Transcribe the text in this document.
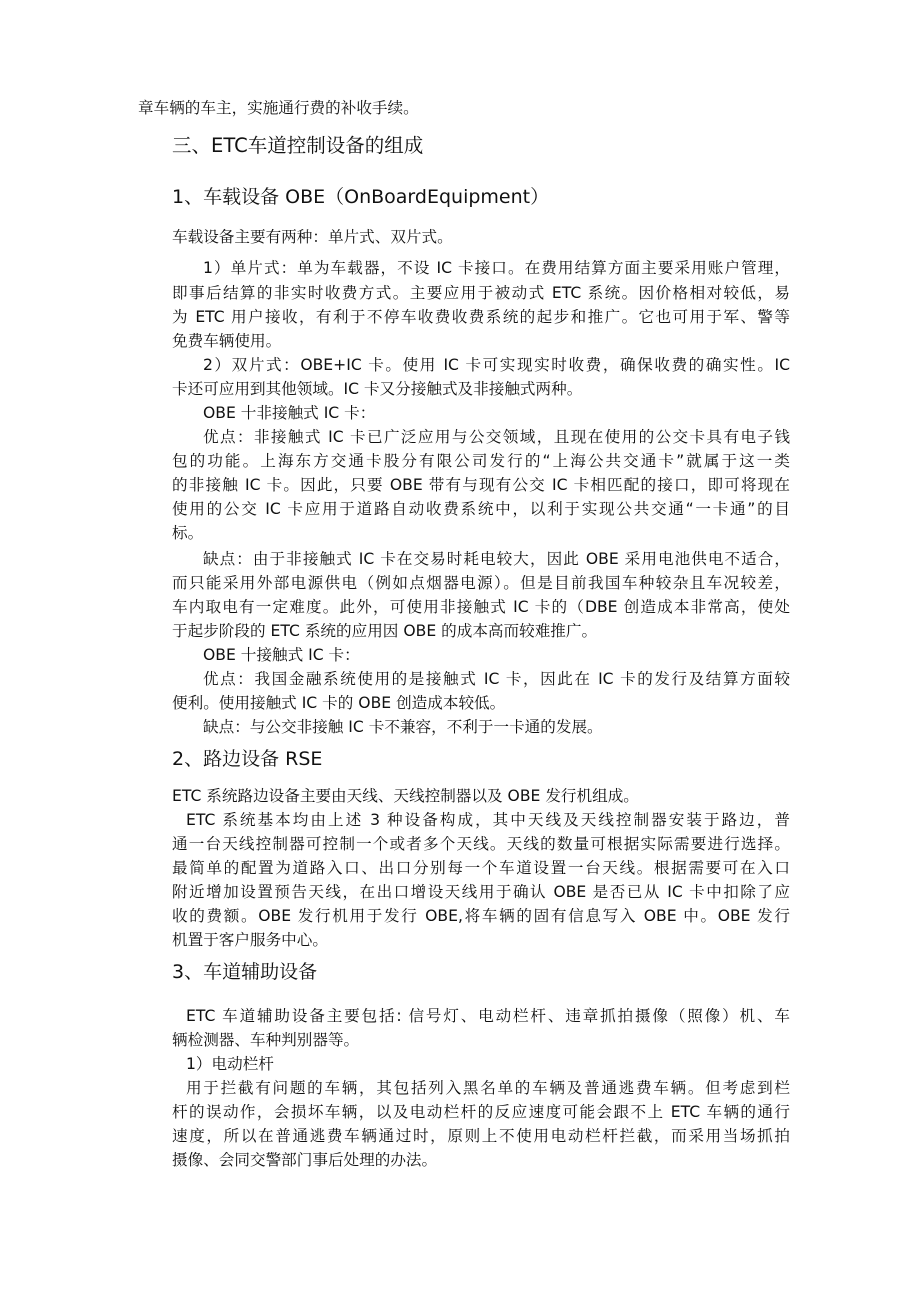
章车辆的车主，实施通行费的补收手续。
三、ETC车道控制设备的组成
1、车载设备 OBE（OnBoardEquipment）
车载设备主要有两种：单片式、双片式。
1）单片式：单为车载器，不设 IC 卡接口。在费用结算方面主要采用账户管理，
即事后结算的非实时收费方式。主要应用于被动式 ETC 系统。因价格相对较低，易
为 ETC 用户接收，有利于不停车收费收费系统的起步和推广。它也可用于军、警等
免费车辆使用。
2）双片式：OBE+IC 卡。使用 IC 卡可实现实时收费，确保收费的确实性。IC
卡还可应用到其他领域。IC 卡又分接触式及非接触式两种。
OBE 十非接触式 IC 卡：
优点：非接触式 IC 卡已广泛应用与公交领域，且现在使用的公交卡具有电子钱
包的功能。上海东方交通卡股分有限公司发行的“上海公共交通卡”就属于这一类
的非接触 IC 卡。因此，只要 OBE 带有与现有公交 IC 卡相匹配的接口，即可将现在
使用的公交 IC 卡应用于道路自动收费系统中，以利于实现公共交通“一卡通”的目
标。
缺点：由于非接触式 IC 卡在交易时耗电较大，因此 OBE 采用电池供电不适合，
而只能采用外部电源供电（例如点烟器电源）。但是目前我国车种较杂且车况较差，
车内取电有一定难度。此外，可使用非接触式 IC 卡的（DBE 创造成本非常高，使处
于起步阶段的 ETC 系统的应用因 OBE 的成本高而较难推广。
OBE 十接触式 IC 卡：
优点：我国金融系统使用的是接触式 IC 卡，因此在 IC 卡的发行及结算方面较
便利。使用接触式 IC 卡的 OBE 创造成本较低。
缺点：与公交非接触 IC 卡不兼容，不利于一卡通的发展。
2、路边设备 RSE
ETC 系统路边设备主要由天线、天线控制器以及 OBE 发行机组成。
ETC 系统基本均由上述 3 种设备构成，其中天线及天线控制器安装于路边，普
通一台天线控制器可控制一个或者多个天线。天线的数量可根据实际需要进行选择。
最简单的配置为道路入口、出口分别每一个车道设置一台天线。根据需要可在入口
附近增加设置预告天线，在出口增设天线用于确认 OBE 是否已从 IC 卡中扣除了应
收的费额。OBE 发行机用于发行 OBE,将车辆的固有信息写入 OBE 中。OBE 发行
机置于客户服务中心。
3、车道辅助设备
ETC 车道辅助设备主要包括: 信号灯、电动栏杆、违章抓拍摄像（照像）机、车
辆检测器、车种判别器等。
1）电动栏杆
用于拦截有问题的车辆，其包括列入黑名单的车辆及普通逃费车辆。但考虑到栏
杆的误动作，会损坏车辆，以及电动栏杆的反应速度可能会跟不上 ETC 车辆的通行
速度，所以在普通逃费车辆通过时，原则上不使用电动栏杆拦截，而采用当场抓拍
摄像、会同交警部门事后处理的办法。
